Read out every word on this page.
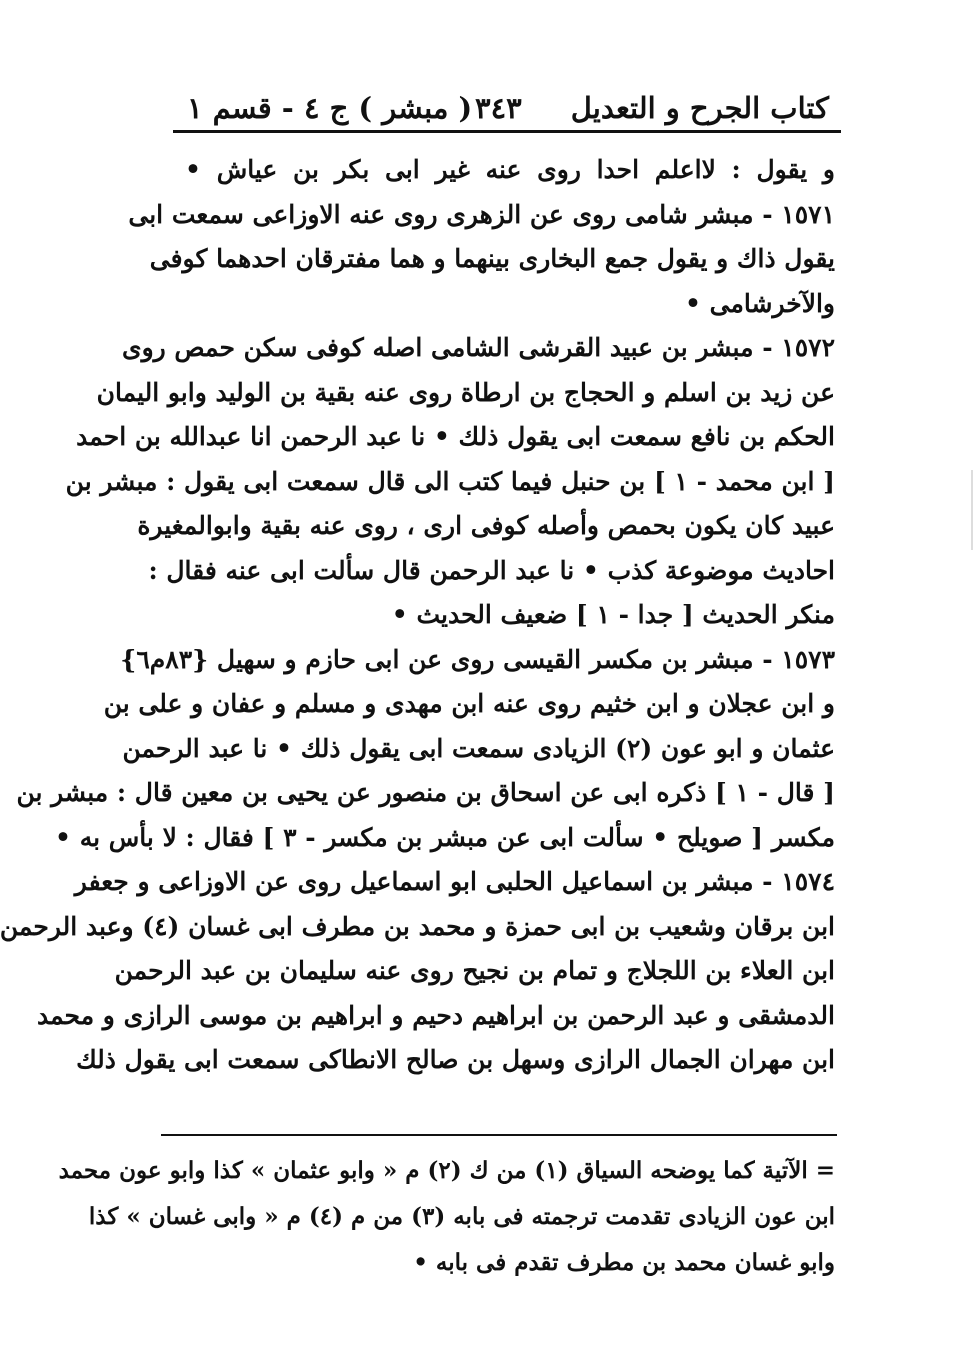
كتاب الجرح و التعديل
٣٤٣
( مبشر ) ج ٤ - قسم ١
و يقول : لااعلم احدا روى عنه غير ابى بكر بن عياش •
١٥٧١ - مبشر شامى روى عن الزهرى روى عنه الاوزاعى سمعت ابى
يقول ذاك و يقول جمع البخارى بينهما و هما مفترقان احدهما كوفى
والآخرشامى •
١٥٧٢ - مبشر بن عبيد القرشى الشامى اصله كوفى سكن حمص روى
عن زيد بن اسلم و الحجاج بن ارطاة روى عنه بقية بن الوليد وابو اليمان
الحكم بن نافع سمعت ابى يقول ذلك • نا عبد الرحمن انا عبدالله بن احمد
[ ابن محمد - ١ ] بن حنبل فيما كتب الى قال سمعت ابى يقول : مبشر بن
عبيد كان يكون بحمص وأصله كوفى ارى ، روى عنه بقية وابوالمغيرة
احاديث موضوعة كذب • نا عبد الرحمن قال سألت ابى عنه فقال :
منكر الحديث [ جدا - ١ ] ضعيف الحديث •
١٥٧٣ - مبشر بن مكسر القيسى روى عن ابى حازم و سهيل {٨٣م٦}
و ابن عجلان و ابن خثيم روى عنه ابن مهدى و مسلم و عفان و على بن
عثمان و ابو عون (٢) الزيادى سمعت ابى يقول ذلك • نا عبد الرحمن
[ قال - ١ ] ذكره ابى عن اسحاق بن منصور عن يحيى بن معين قال : مبشر بن
مكسر [ صويلح • سألت ابى عن مبشر بن مكسر - ٣ ] فقال : لا بأس به •
١٥٧٤ - مبشر بن اسماعيل الحلبى ابو اسماعيل روى عن الاوزاعى و جعفر
ابن برقان وشعيب بن ابى حمزة و محمد بن مطرف ابى غسان (٤) وعبد الرحمن
ابن العلاء بن اللجلاج و تمام بن نجيح روى عنه سليمان بن عبد الرحمن
الدمشقى و عبد الرحمن بن ابراهيم دحيم و ابراهيم بن موسى الرازى و محمد
ابن مهران الجمال الرازى وسهل بن صالح الانطاكى سمعت ابى يقول ذلك
= الآتية كما يوضحه السياق (١) من ك (٢) م « وابو عثمان » كذا وابو عون محمد
ابن عون الزيادى تقدمت ترجمته فى بابه (٣) من م (٤) م « وابى غسان » كذا
وابو غسان محمد بن مطرف تقدم فى بابه •
